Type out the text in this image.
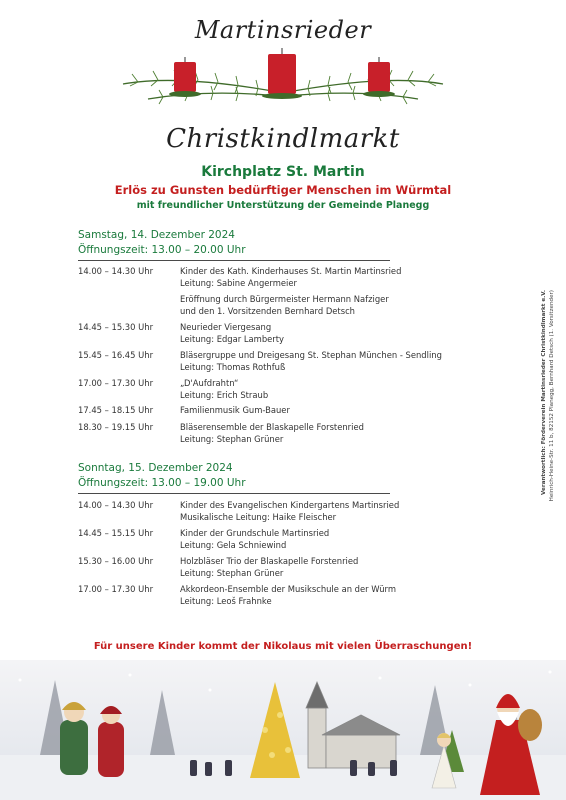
Martinsrieder
Christkindlmarkt
Kirchplatz St. Martin
Erlös zu Gunsten bedürftiger Menschen im Würmtal
mit freundlicher Unterstützung der Gemeinde Planegg
Samstag, 14. Dezember 2024
Öffnungszeit: 13.00 – 20.00 Uhr
14.00 – 14.30 Uhr	Kinder des Kath. Kinderhauses St. Martin Martinsried
Leitung: Sabine Angermeier
Eröffnung durch Bürgermeister Hermann Nafziger
und den 1. Vorsitzenden Bernhard Detsch
14.45 – 15.30 Uhr	Neurieder Viergesang
Leitung: Edgar Lamberty
15.45 – 16.45 Uhr	Bläsergruppe und Dreigesang St. Stephan München - Sendling
Leitung: Thomas Rothfuß
17.00 – 17.30 Uhr	„D'Aufdrahtn“
Leitung: Erich Straub
17.45 – 18.15 Uhr	Familienmusik Gum-Bauer
18.30 – 19.15 Uhr	Bläserensemble der Blaskapelle Forstenried
Leitung: Stephan Grüner
Sonntag, 15. Dezember 2024
Öffnungszeit: 13.00 – 19.00 Uhr
14.00 – 14.30 Uhr	Kinder des Evangelischen Kindergartens Martinsried
Musikalische Leitung: Haike Fleischer
14.45 – 15.15 Uhr	Kinder der Grundschule Martinsried
Leitung: Gela Schniewind
15.30 – 16.00 Uhr	Holzbläser Trio der Blaskapelle Forstenried
Leitung: Stephan Grüner
17.00 – 17.30 Uhr	Akkordeon-Ensemble der Musikschule an der Würm
Leitung: Leoš Frahnke
Verantwortlich: Förderverein Martinsrieder Christkindlmarkt e.V. Heinrich-Heine-Str. 11 b, 82152 Planegg, Bernhard Detsch (1. Vorsitzender)
Für unsere Kinder kommt der Nikolaus mit vielen Überraschungen!
